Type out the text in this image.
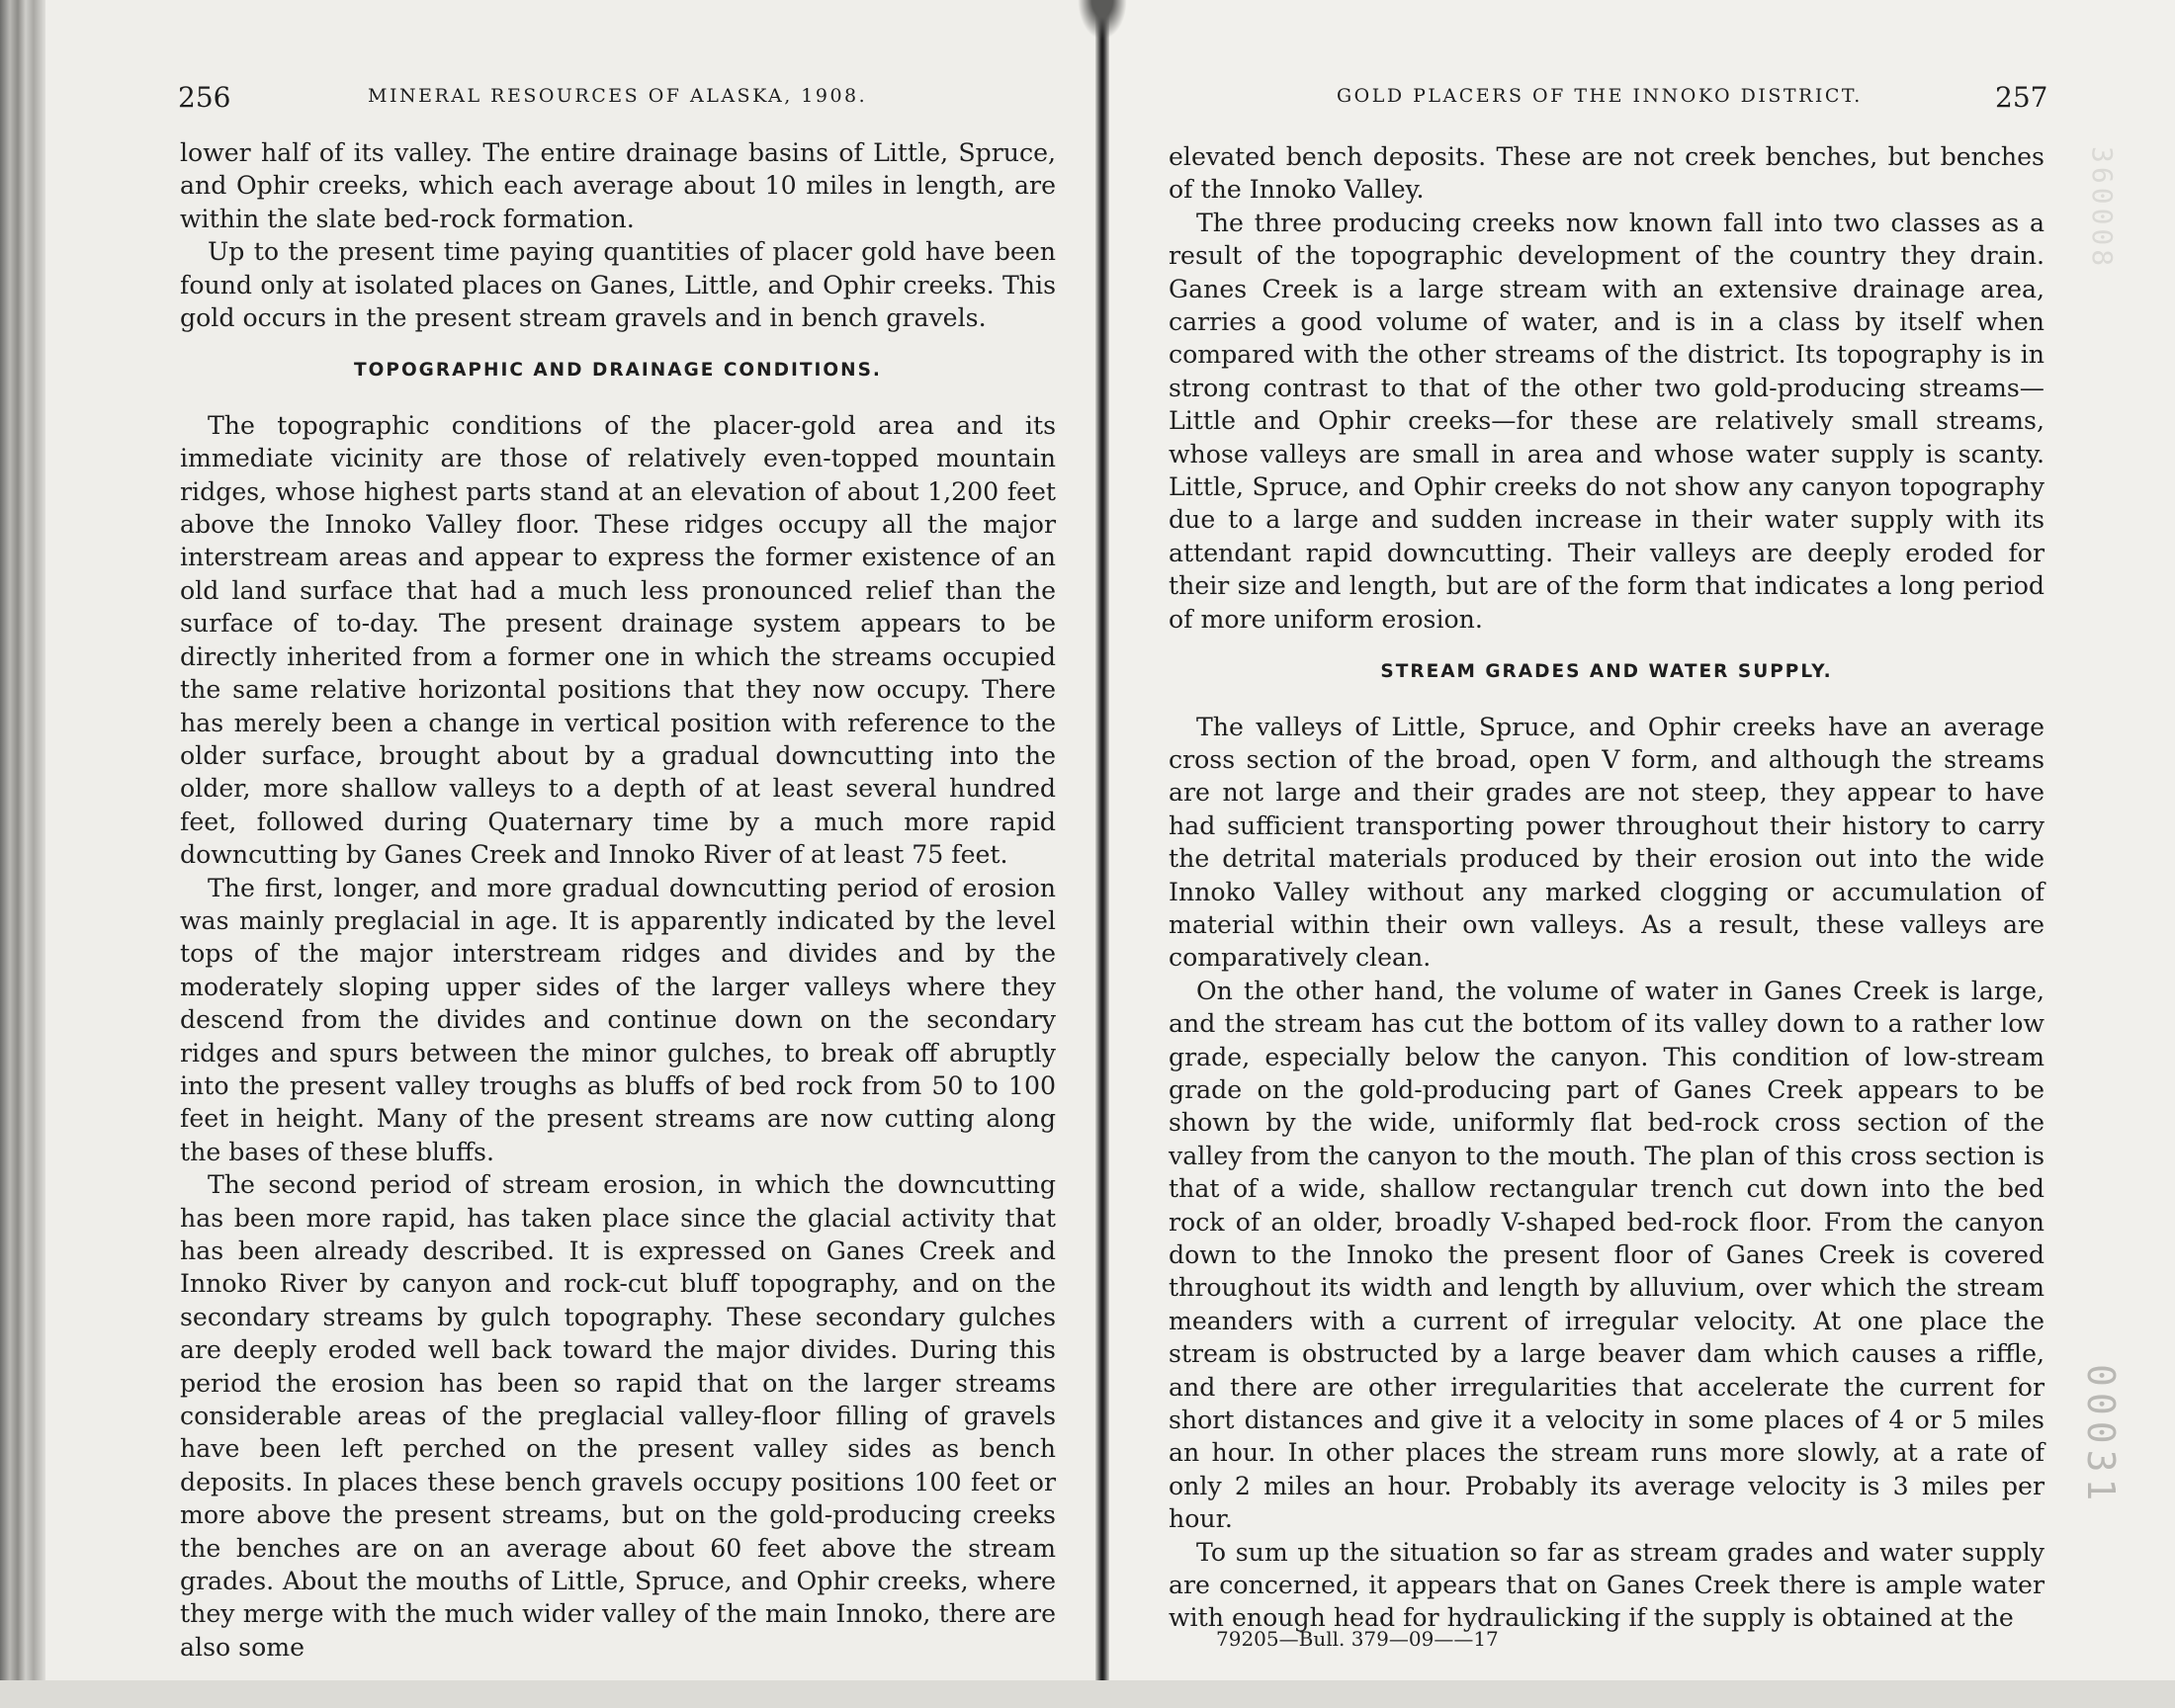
256	MINERAL RESOURCES OF ALASKA, 1908.	GOLD PLACERS OF THE INNOKO DISTRICT.	257

lower half of its valley. The entire drainage basins of Little, Spruce, and Ophir creeks, which each average about 10 miles in length, are within the slate bed-rock formation.

Up to the present time paying quantities of placer gold have been found only at isolated places on Ganes, Little, and Ophir creeks. This gold occurs in the present stream gravels and in bench gravels.

TOPOGRAPHIC AND DRAINAGE CONDITIONS.

The topographic conditions of the placer-gold area and its immediate vicinity are those of relatively even-topped mountain ridges, whose highest parts stand at an elevation of about 1,200 feet above the Innoko Valley floor. These ridges occupy all the major interstream areas and appear to express the former existence of an old land surface that had a much less pronounced relief than the surface of to-day. The present drainage system appears to be directly inherited from a former one in which the streams occupied the same relative horizontal positions that they now occupy. There has merely been a change in vertical position with reference to the older surface, brought about by a gradual downcutting into the older, more shallow valleys to a depth of at least several hundred feet, followed during Quaternary time by a much more rapid downcutting by Ganes Creek and Innoko River of at least 75 feet.

The first, longer, and more gradual downcutting period of erosion was mainly preglacial in age. It is apparently indicated by the level tops of the major interstream ridges and divides and by the moderately sloping upper sides of the larger valleys where they descend from the divides and continue down on the secondary ridges and spurs between the minor gulches, to break off abruptly into the present valley troughs as bluffs of bed rock from 50 to 100 feet in height. Many of the present streams are now cutting along the bases of these bluffs.

The second period of stream erosion, in which the downcutting has been more rapid, has taken place since the glacial activity that has been already described. It is expressed on Ganes Creek and Innoko River by canyon and rock-cut bluff topography, and on the secondary streams by gulch topography. These secondary gulches are deeply eroded well back toward the major divides. During this period the erosion has been so rapid that on the larger streams considerable areas of the preglacial valley-floor filling of gravels have been left perched on the present valley sides as bench deposits. In places these bench gravels occupy positions 100 feet or more above the present streams, but on the gold-producing creeks the benches are on an average about 60 feet above the stream grades. About the mouths of Little, Spruce, and Ophir creeks, where they merge with the much wider valley of the main Innoko, there are also some

elevated bench deposits. These are not creek benches, but benches of the Innoko Valley.

The three producing creeks now known fall into two classes as a result of the topographic development of the country they drain. Ganes Creek is a large stream with an extensive drainage area, carries a good volume of water, and is in a class by itself when compared with the other streams of the district. Its topography is in strong contrast to that of the other two gold-producing streams—Little and Ophir creeks—for these are relatively small streams, whose valleys are small in area and whose water supply is scanty. Little, Spruce, and Ophir creeks do not show any canyon topography due to a large and sudden increase in their water supply with its attendant rapid downcutting. Their valleys are deeply eroded for their size and length, but are of the form that indicates a long period of more uniform erosion.

STREAM GRADES AND WATER SUPPLY.

The valleys of Little, Spruce, and Ophir creeks have an average cross section of the broad, open V form, and although the streams are not large and their grades are not steep, they appear to have had sufficient transporting power throughout their history to carry the detrital materials produced by their erosion out into the wide Innoko Valley without any marked clogging or accumulation of material within their own valleys. As a result, these valleys are comparatively clean.

On the other hand, the volume of water in Ganes Creek is large, and the stream has cut the bottom of its valley down to a rather low grade, especially below the canyon. This condition of low-stream grade on the gold-producing part of Ganes Creek appears to be shown by the wide, uniformly flat bed-rock cross section of the valley from the canyon to the mouth. The plan of this cross section is that of a wide, shallow rectangular trench cut down into the bed rock of an older, broadly V-shaped bed-rock floor. From the canyon down to the Innoko the present floor of Ganes Creek is covered throughout its width and length by alluvium, over which the stream meanders with a current of irregular velocity. At one place the stream is obstructed by a large beaver dam which causes a riffle, and there are other irregularities that accelerate the current for short distances and give it a velocity in some places of 4 or 5 miles an hour. In other places the stream runs more slowly, at a rate of only 2 miles an hour. Probably its average velocity is 3 miles per hour.

To sum up the situation so far as stream grades and water supply are concerned, it appears that on Ganes Creek there is ample water with enough head for hydraulicking if the supply is obtained at the

79205—Bull. 379—09——17
360008
00031
